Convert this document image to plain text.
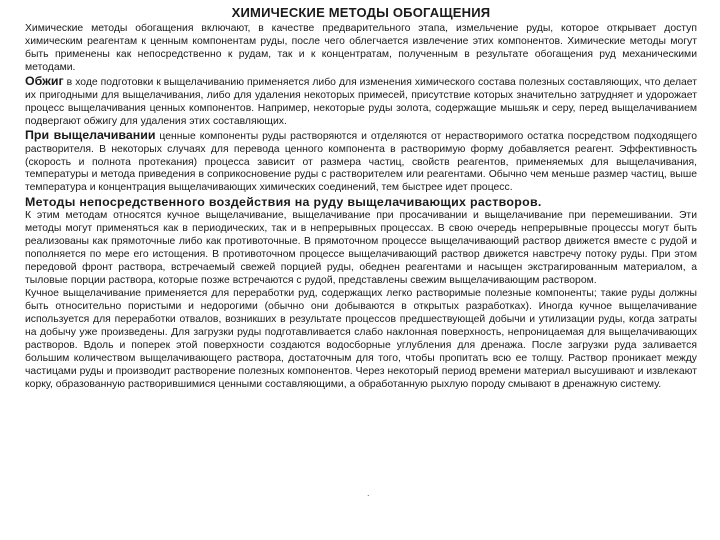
ХИМИЧЕСКИЕ МЕТОДЫ ОБОГАЩЕНИЯ

Химические методы обогащения включают, в качестве предварительного этапа, измельчение руды, которое открывает доступ химическим реагентам к ценным компонентам руды, после чего облегчается извлечение этих компонентов. Химические методы могут быть применены как непосредственно к рудам, так и к концентратам, полученным в результате обогащения руд механическими методами.

Обжиг в ходе подготовки к выщелачиванию применяется либо для изменения химического состава полезных составляющих, что делает их пригодными для выщелачивания, либо для удаления некоторых примесей, присутствие которых значительно затрудняет и удорожает процесс выщелачивания ценных компонентов. Например, некоторые руды золота, содержащие мышьяк и серу, перед выщелачиванием подвергают обжигу для удаления этих составляющих.

При выщелачивании ценные компоненты руды растворяются и отделяются от нерастворимого остатка посредством подходящего растворителя. В некоторых случаях для перевода ценного компонента в растворимую форму добавляется реагент. Эффективность (скорость и полнота протекания) процесса зависит от размера частиц, свойств реагентов, применяемых для выщелачивания, температуры и метода приведения в соприкосновение руды с растворителем или реагентами. Обычно чем меньше размер частиц, выше температура и концентрация выщелачивающих химических соединений, тем быстрее идет процесс.

Методы непосредственного воздействия на руду выщелачивающих растворов.

К этим методам относятся кучное выщелачивание, выщелачивание при просачивании и выщелачивание при перемешивании. Эти методы могут применяться как в периодических, так и в непрерывных процессах. В свою очередь непрерывные процессы могут быть реализованы как прямоточные либо как противоточные. В прямоточном процессе выщелачивающий раствор движется вместе с рудой и пополняется по мере его истощения. В противоточном процессе выщелачивающий раствор движется навстречу потоку руды. При этом передовой фронт раствора, встречаемый свежей порцией руды, обеднен реагентами и насыщен экстрагированным материалом, а тыловые порции раствора, которые позже встречаются с рудой, представлены свежим выщелачивающим раствором.

Кучное выщелачивание применяется для переработки руд, содержащих легко растворимые полезные компоненты; такие руды должны быть относительно пористыми и недорогими (обычно они добываются в открытых разработках). Иногда кучное выщелачивание используется для переработки отвалов, возникших в результате процессов предшествующей добычи и утилизации руды, когда затраты на добычу уже произведены. Для загрузки руды подготавливается слабо наклонная поверхность, непроницаемая для выщелачивающих растворов. Вдоль и поперек этой поверхности создаются водосборные углубления для дренажа. После загрузки руда заливается большим количеством выщелачивающего раствора, достаточным для того, чтобы пропитать всю ее толщу. Раствор проникает между частицами руды и производит растворение полезных компонентов. Через некоторый период времени материал высушивают и извлекают корку, образованную растворившимися ценными составляющими, а обработанную рыхлую породу смывают в дренажную систему.

.
